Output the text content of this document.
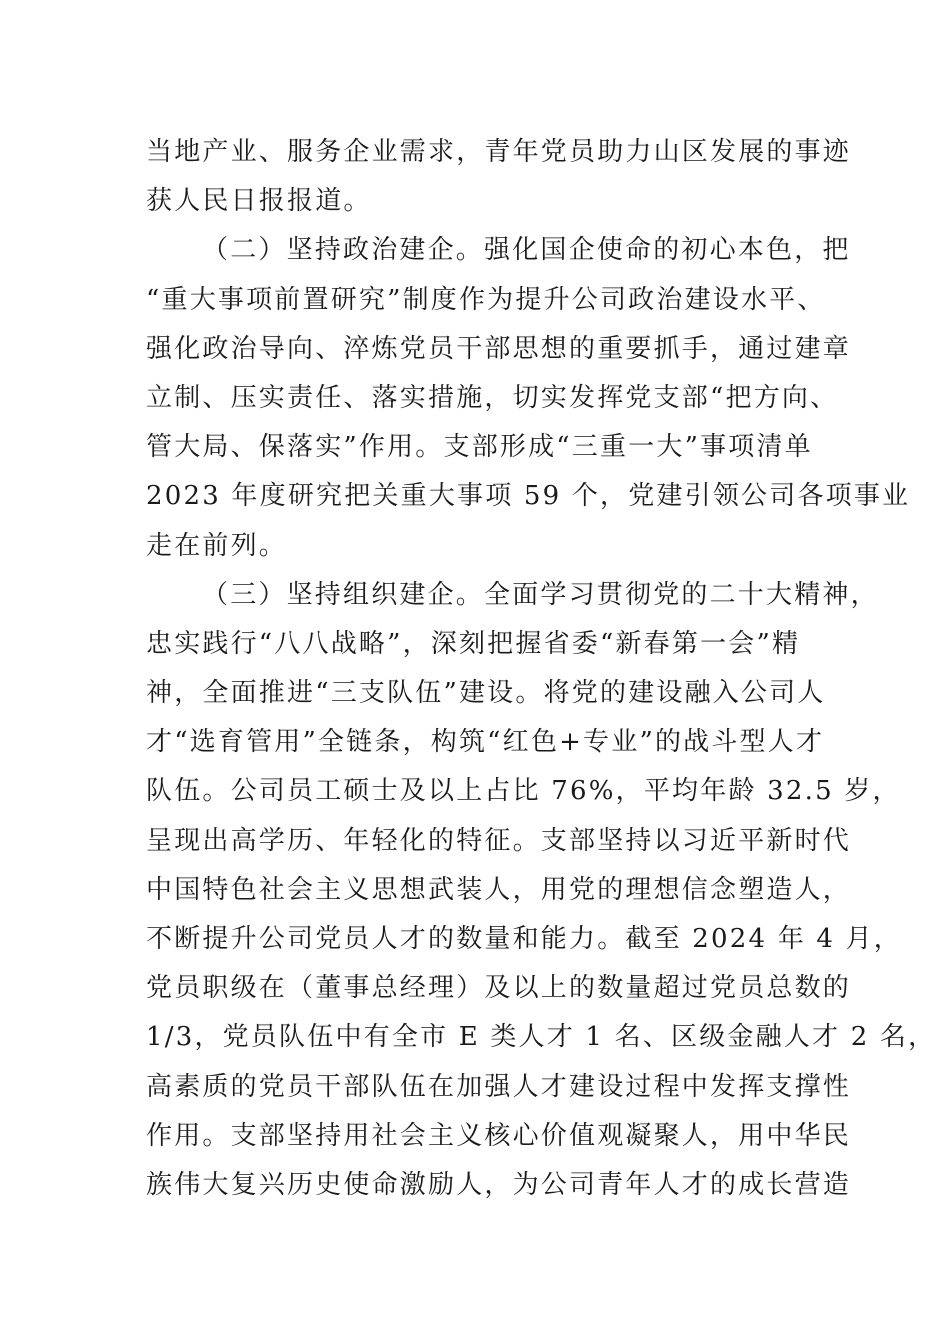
当地产业、服务企业需求，青年党员助力山区发展的事迹
获人民日报报道。
（二）坚持政治建企。强化国企使命的初心本色，把
“重大事项前置研究”制度作为提升公司政治建设水平、
强化政治导向、淬炼党员干部思想的重要抓手，通过建章
立制、压实责任、落实措施，切实发挥党支部“把方向、
管大局、保落实”作用。支部形成“三重一大”事项清单
2023 年度研究把关重大事项 59 个，党建引领公司各项事业
走在前列。
（三）坚持组织建企。全面学习贯彻党的二十大精神，
忠实践行“八八战略”，深刻把握省委“新春第一会”精
神，全面推进“三支队伍”建设。将党的建设融入公司人
才“选育管用”全链条，构筑“红色+专业”的战斗型人才
队伍。公司员工硕士及以上占比 76%，平均年龄 32.5 岁，
呈现出高学历、年轻化的特征。支部坚持以习近平新时代
中国特色社会主义思想武装人，用党的理想信念塑造人，
不断提升公司党员人才的数量和能力。截至 2024 年 4 月，
党员职级在（董事总经理）及以上的数量超过党员总数的
1/3，党员队伍中有全市 E 类人才 1 名、区级金融人才 2 名，
高素质的党员干部队伍在加强人才建设过程中发挥支撑性
作用。支部坚持用社会主义核心价值观凝聚人，用中华民
族伟大复兴历史使命激励人，为公司青年人才的成长营造
